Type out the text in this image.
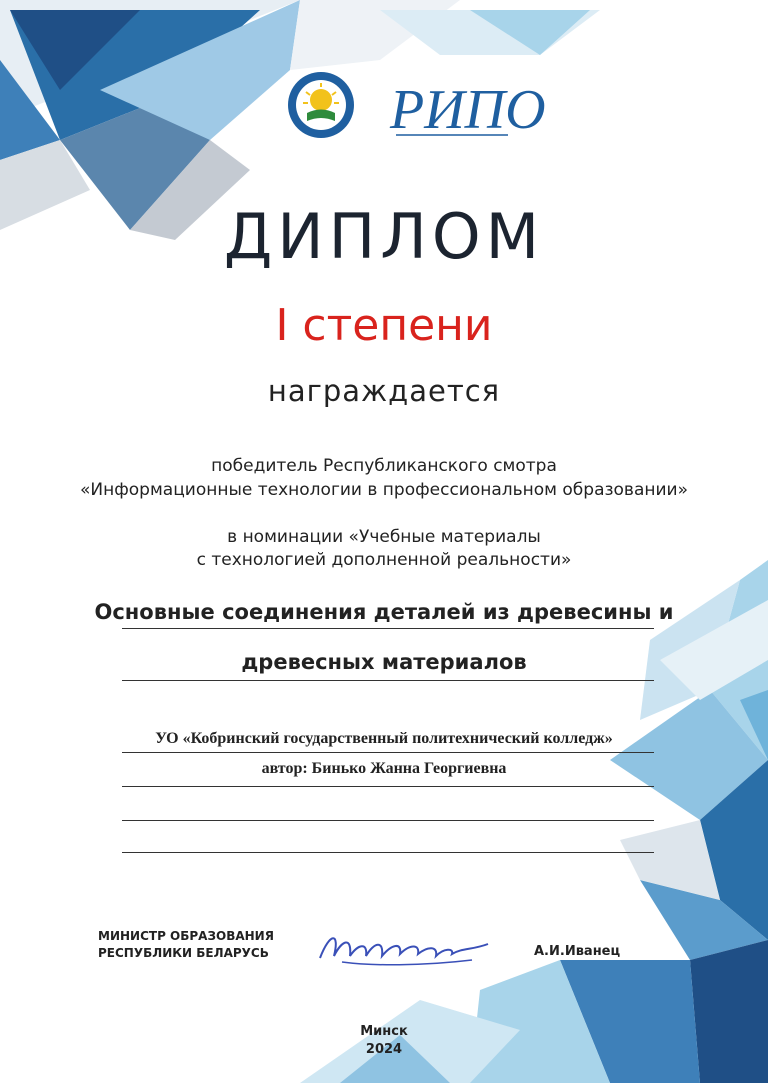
РИПО
ДИПЛОМ
I степени
награждается
победитель Республиканского смотра
«Информационные технологии в профессиональном образовании»
в номинации «Учебные материалы
с технологией дополненной реальности»
Основные соединения деталей из древесины и
древесных материалов
УО «Кобринский государственный политехнический колледж»
автор: Бинько Жанна Георгиевна
МИНИСТР ОБРАЗОВАНИЯ
РЕСПУБЛИКИ БЕЛАРУСЬ	А.И.Иванец
Минск
2024
